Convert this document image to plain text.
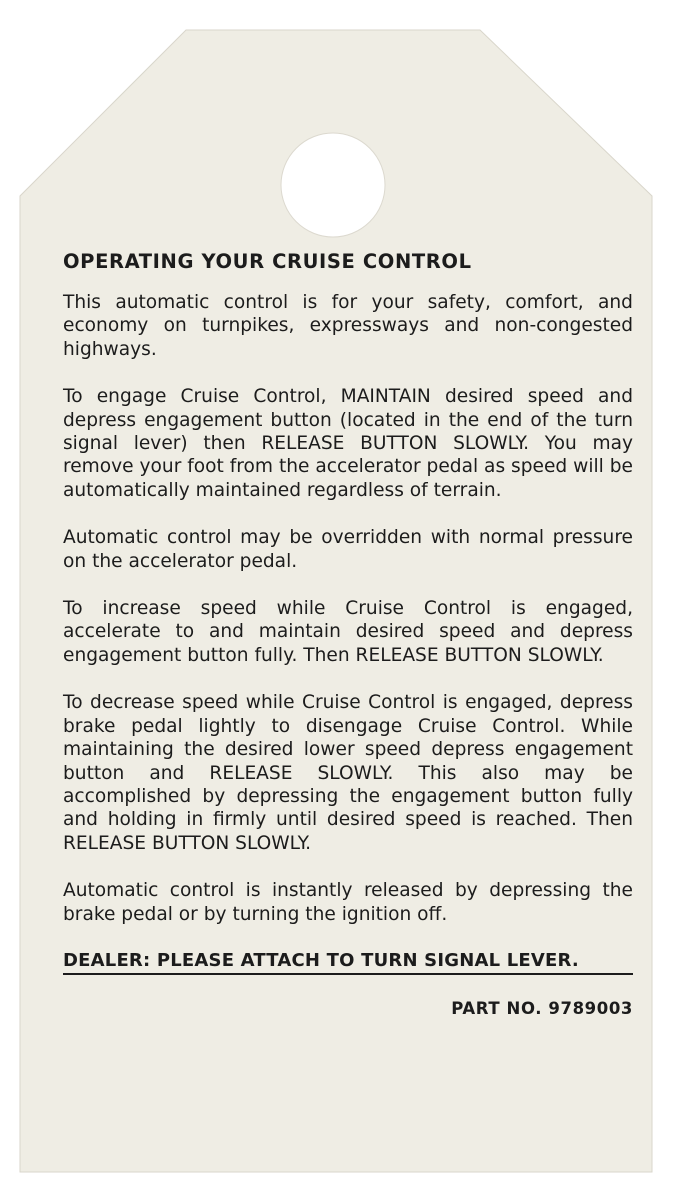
OPERATING YOUR CRUISE CONTROL

This automatic control is for your safety, comfort, and economy on turnpikes, expressways and non-congested highways.

To engage Cruise Control, MAINTAIN desired speed and depress engagement button (located in the end of the turn signal lever) then RELEASE BUTTON SLOWLY. You may remove your foot from the accelerator pedal as speed will be automatically maintained regardless of terrain.

Automatic control may be overridden with normal pressure on the accelerator pedal.

To increase speed while Cruise Control is engaged, accelerate to and maintain desired speed and depress engagement button fully. Then RELEASE BUTTON SLOWLY.

To decrease speed while Cruise Control is engaged, depress brake pedal lightly to disengage Cruise Control. While maintaining the desired lower speed depress engagement button and RELEASE SLOWLY. This also may be accomplished by depressing the engagement button fully and holding in firmly until desired speed is reached. Then RELEASE BUTTON SLOWLY.

Automatic control is instantly released by depressing the brake pedal or by turning the ignition off.

DEALER: PLEASE ATTACH TO TURN SIGNAL LEVER.
PART NO. 9789003
